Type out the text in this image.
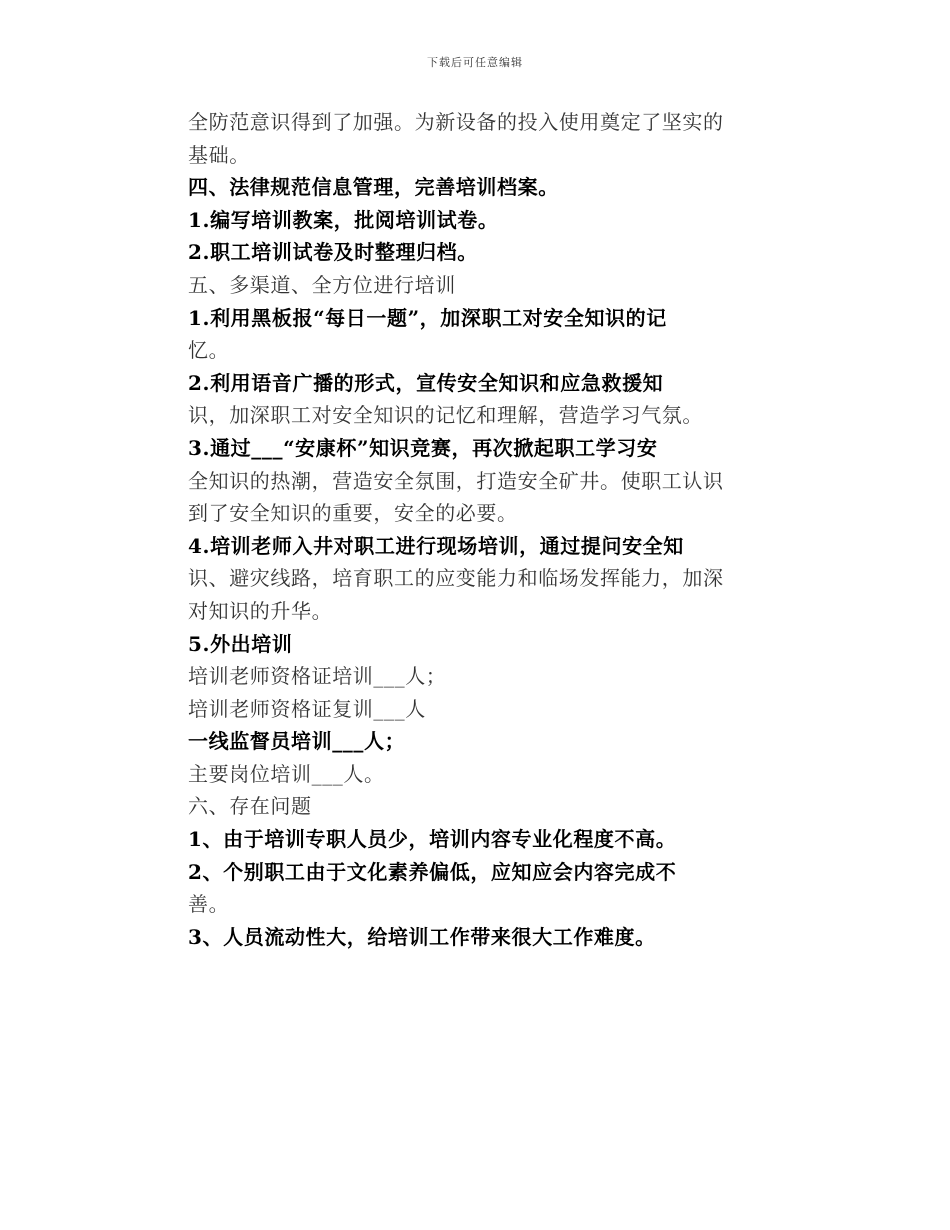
下载后可任意编辑
全防范意识得到了加强。为新设备的投入使用奠定了坚实的
基础。
四、法律规范信息管理，完善培训档案。
1.编写培训教案，批阅培训试卷。
2.职工培训试卷及时整理归档。
五、多渠道、全方位进行培训
1.利用黑板报“每日一题”，加深职工对安全知识的记
忆。
2.利用语音广播的形式，宣传安全知识和应急救援知
识，加深职工对安全知识的记忆和理解，营造学习气氛。
3.通过___“安康杯”知识竞赛，再次掀起职工学习安
全知识的热潮，营造安全氛围，打造安全矿井。使职工认识
到了安全知识的重要，安全的必要。
4.培训老师入井对职工进行现场培训，通过提问安全知
识、避灾线路，培育职工的应变能力和临场发挥能力，加深
对知识的升华。
5.外出培训
培训老师资格证培训___人；
培训老师资格证复训___人
一线监督员培训___人；
主要岗位培训___人。
六、存在问题
1、由于培训专职人员少，培训内容专业化程度不高。
2、个别职工由于文化素养偏低，应知应会内容完成不
善。
3、人员流动性大，给培训工作带来很大工作难度。
